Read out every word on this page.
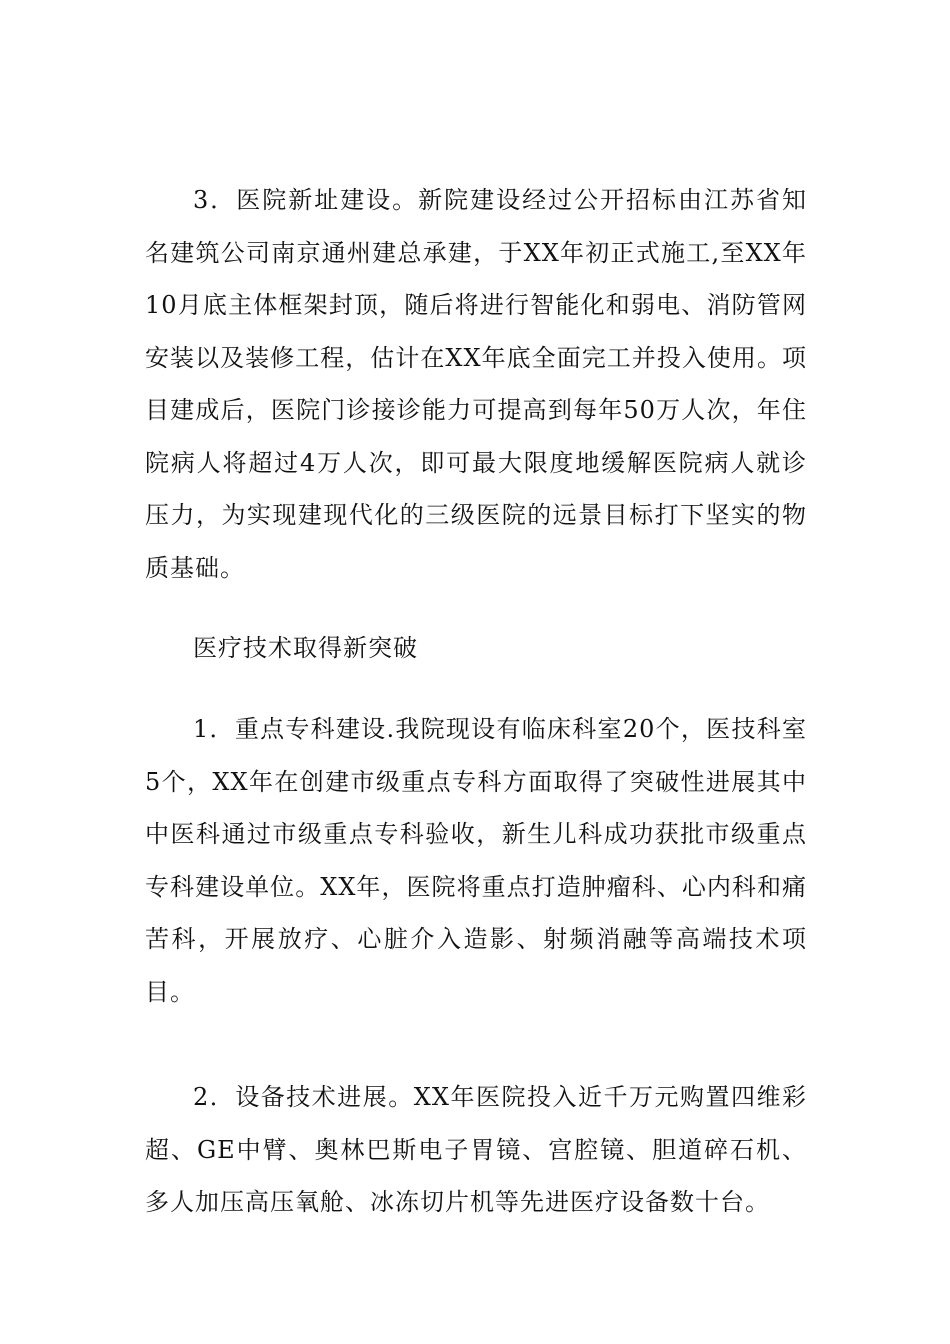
3．医院新址建设。新院建设经过公开招标由江苏省知名建筑公司南京通州建总承建，于XX年初正式施工,至XX年10月底主体框架封顶，随后将进行智能化和弱电、消防管网安装以及装修工程，估计在XX年底全面完工并投入使用。项目建成后，医院门诊接诊能力可提高到每年50万人次，年住院病人将超过4万人次，即可最大限度地缓解医院病人就诊压力，为实现建现代化的三级医院的远景目标打下坚实的物质基础。

医疗技术取得新突破

1．重点专科建设.我院现设有临床科室20个，医技科室5个，XX年在创建市级重点专科方面取得了突破性进展其中中医科通过市级重点专科验收，新生儿科成功获批市级重点专科建设单位。XX年，医院将重点打造肿瘤科、心内科和痛苦科，开展放疗、心脏介入造影、射频消融等高端技术项目。

2．设备技术进展。XX年医院投入近千万元购置四维彩超、GE中臂、奥林巴斯电子胃镜、宫腔镜、胆道碎石机、多人加压高压氧舱、冰冻切片机等先进医疗设备数十台。
